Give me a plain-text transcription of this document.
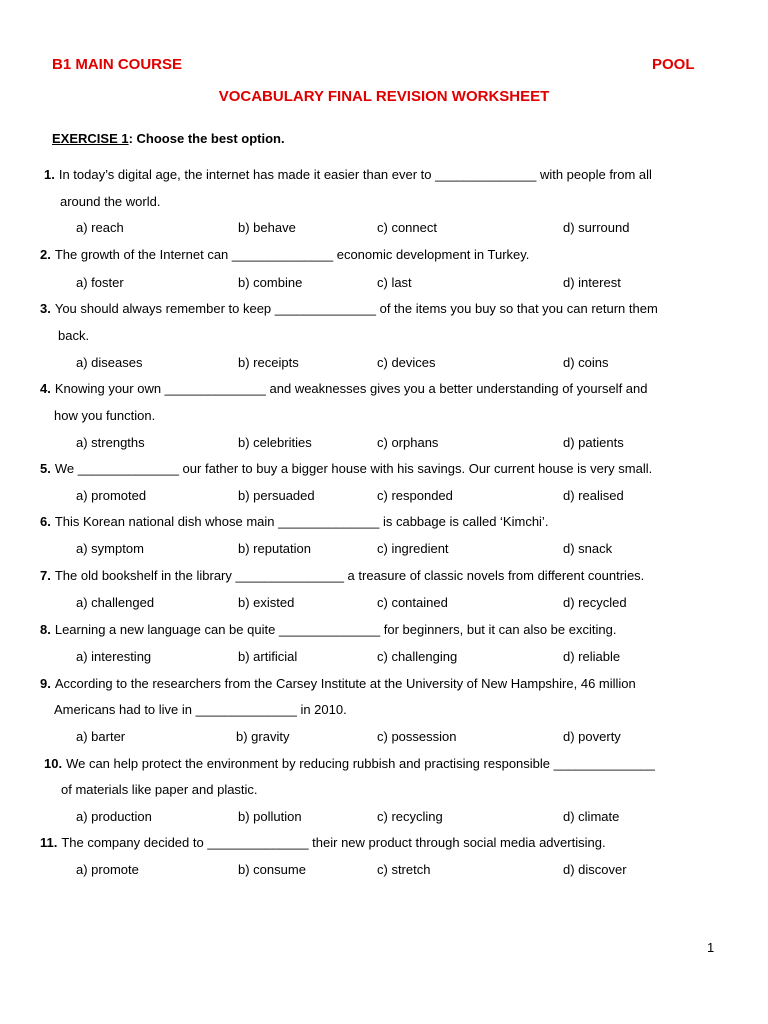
B1 MAIN COURSE	POOL
VOCABULARY FINAL REVISION WORKSHEET
EXERCISE 1: Choose the best option.
1. In today’s digital age, the internet has made it easier than ever to ______________ with people from all
around the world.
a) reach	b) behave	c) connect	d) surround
2. The growth of the Internet can ______________ economic development in Turkey.
a) foster	b) combine	c) last	d) interest
3. You should always remember to keep ______________ of the items you buy so that you can return them
back.
a) diseases	b) receipts	c) devices	d) coins
4. Knowing your own ______________ and weaknesses gives you a better understanding of yourself and
how you function.
a) strengths	b) celebrities	c) orphans	d) patients
5. We ______________ our father to buy a bigger house with his savings. Our current house is very small.
a) promoted	b) persuaded	c) responded	d) realised
6. This Korean national dish whose main ______________ is cabbage is called ‘Kimchi’.
a) symptom	b) reputation	c) ingredient	d) snack
7. The old bookshelf in the library _______________ a treasure of classic novels from different countries.
a) challenged	b) existed	c) contained	d) recycled
8. Learning a new language can be quite ______________ for beginners, but it can also be exciting.
a) interesting	b) artificial	c) challenging	d) reliable
9. According to the researchers from the Carsey Institute at the University of New Hampshire, 46 million
Americans had to live in ______________ in 2010.
a) barter	b) gravity	c) possession	d) poverty
10. We can help protect the environment by reducing rubbish and practising responsible ______________
of materials like paper and plastic.
a) production	b) pollution	c) recycling	d) climate
11. The company decided to ______________ their new product through social media advertising.
a) promote	b) consume	c) stretch	d) discover
1
